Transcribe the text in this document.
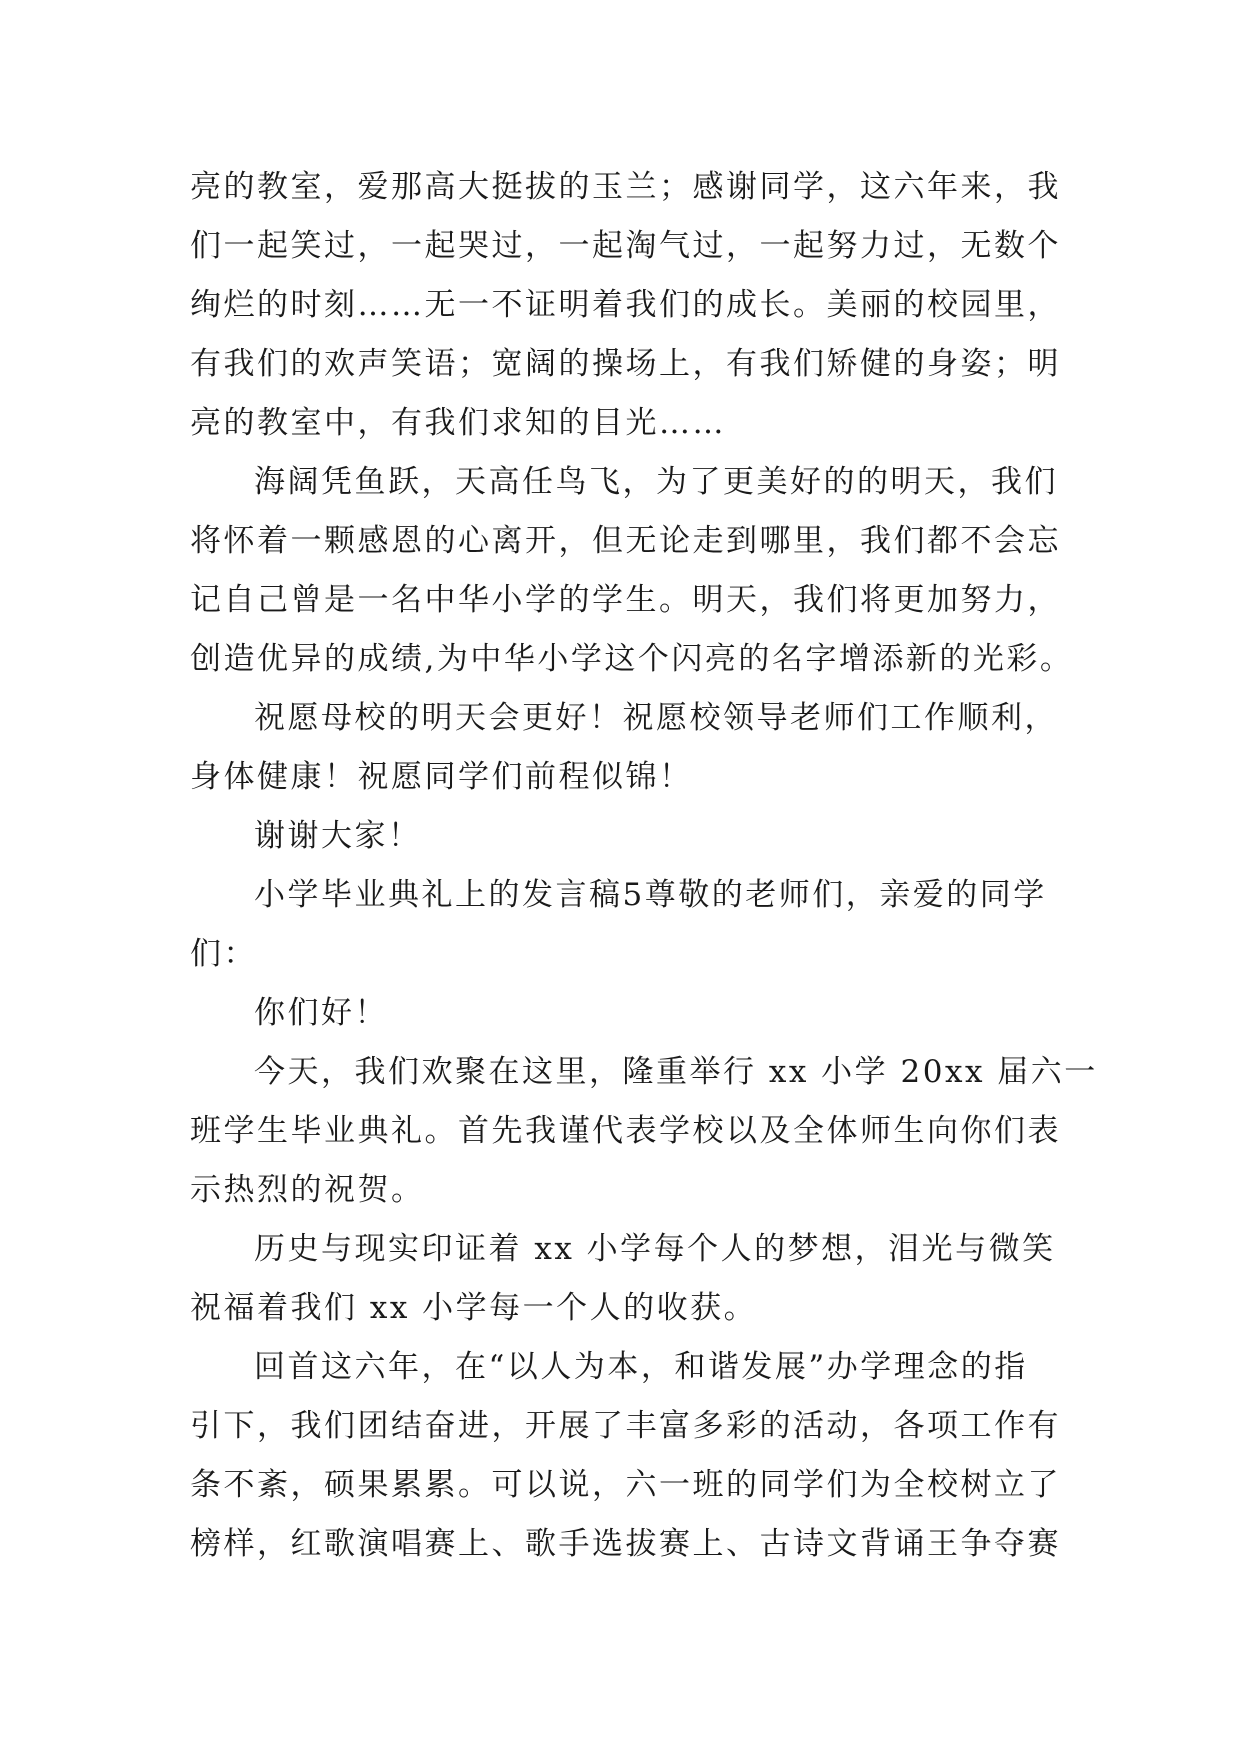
亮的教室，爱那高大挺拔的玉兰；感谢同学，这六年来，我
们一起笑过，一起哭过，一起淘气过，一起努力过，无数个
绚烂的时刻……无一不证明着我们的成长。美丽的校园里，
有我们的欢声笑语；宽阔的操场上，有我们矫健的身姿；明
亮的教室中，有我们求知的目光……
海阔凭鱼跃，天高任鸟飞，为了更美好的的明天，我们
将怀着一颗感恩的心离开，但无论走到哪里，我们都不会忘
记自己曾是一名中华小学的学生。明天，我们将更加努力，
创造优异的成绩,为中华小学这个闪亮的名字增添新的光彩。
祝愿母校的明天会更好！祝愿校领导老师们工作顺利，
身体健康！祝愿同学们前程似锦！
谢谢大家！
小学毕业典礼上的发言稿5尊敬的老师们，亲爱的同学
们：
你们好！
今天，我们欢聚在这里，隆重举行 xx 小学 20xx 届六一
班学生毕业典礼。首先我谨代表学校以及全体师生向你们表
示热烈的祝贺。
历史与现实印证着 xx 小学每个人的梦想，泪光与微笑
祝福着我们 xx 小学每一个人的收获。
回首这六年，在“以人为本，和谐发展”办学理念的指
引下，我们团结奋进，开展了丰富多彩的活动，各项工作有
条不紊，硕果累累。可以说，六一班的同学们为全校树立了
榜样，红歌演唱赛上、歌手选拔赛上、古诗文背诵王争夺赛
